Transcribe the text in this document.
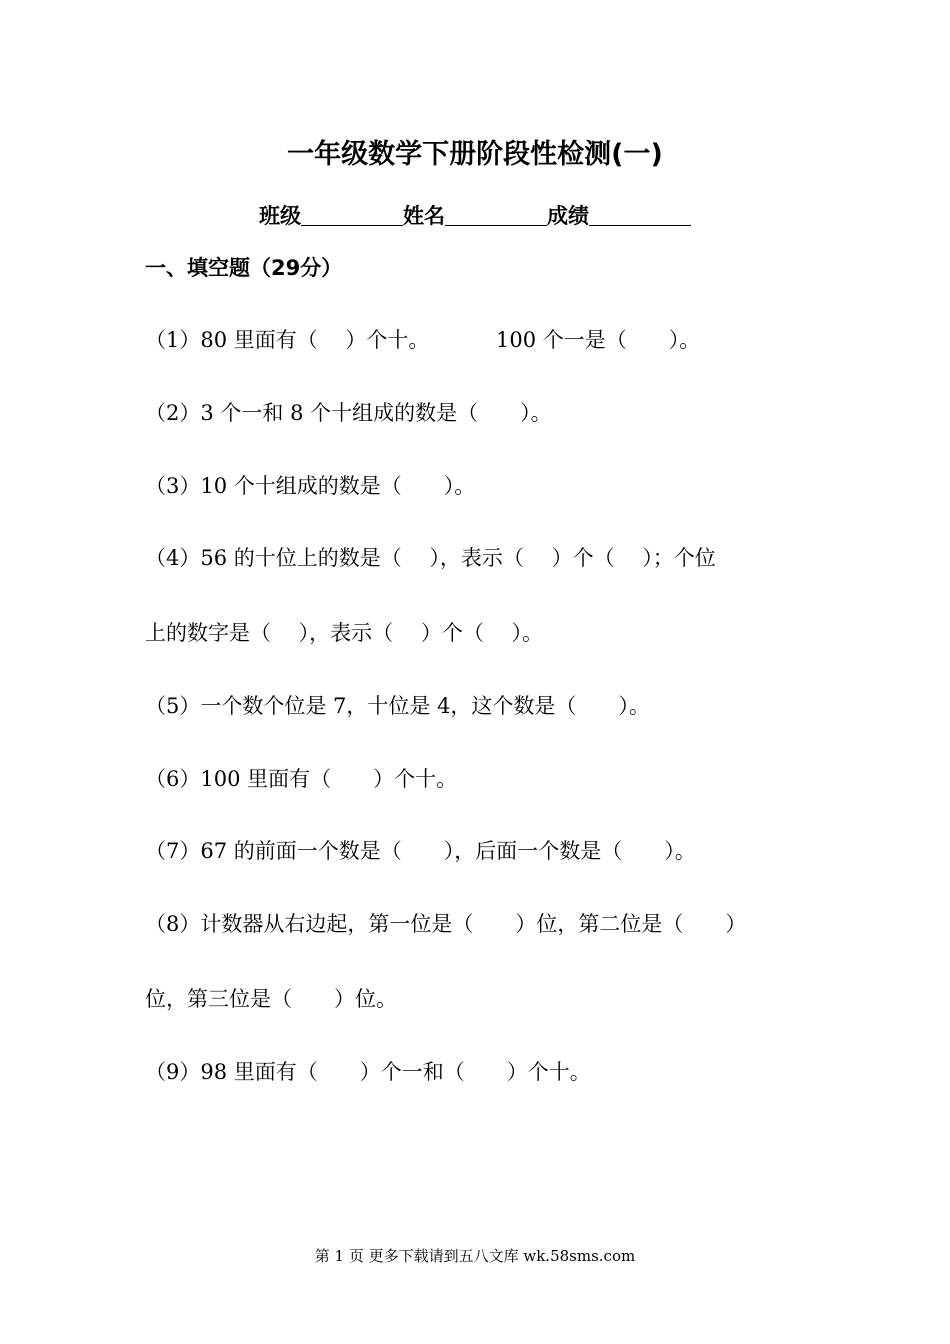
一年级数学下册阶段性检测(一)
班级	姓名	成绩
一、填空题（29分）
（1）80 里面有（　 ）个十。	100 个一是（　　）。
（2）3 个一和 8 个十组成的数是（　　）。
（3）10 个十组成的数是（　　）。
（4）56 的十位上的数是（　 ），表示（　 ）个（　 ）；个位
上的数字是（　 ），表示（　 ）个（　 ）。
（5）一个数个位是 7，十位是 4，这个数是（　　）。
（6）100 里面有（　　）个十。
（7）67 的前面一个数是（　　），后面一个数是（　　）。
（8）计数器从右边起，第一位是（　　）位，第二位是（　　）
位，第三位是（　　）位。
（9）98 里面有（　　）个一和（　　）个十。
第 1 页 更多下载请到五八文库 wk.58sms.com
